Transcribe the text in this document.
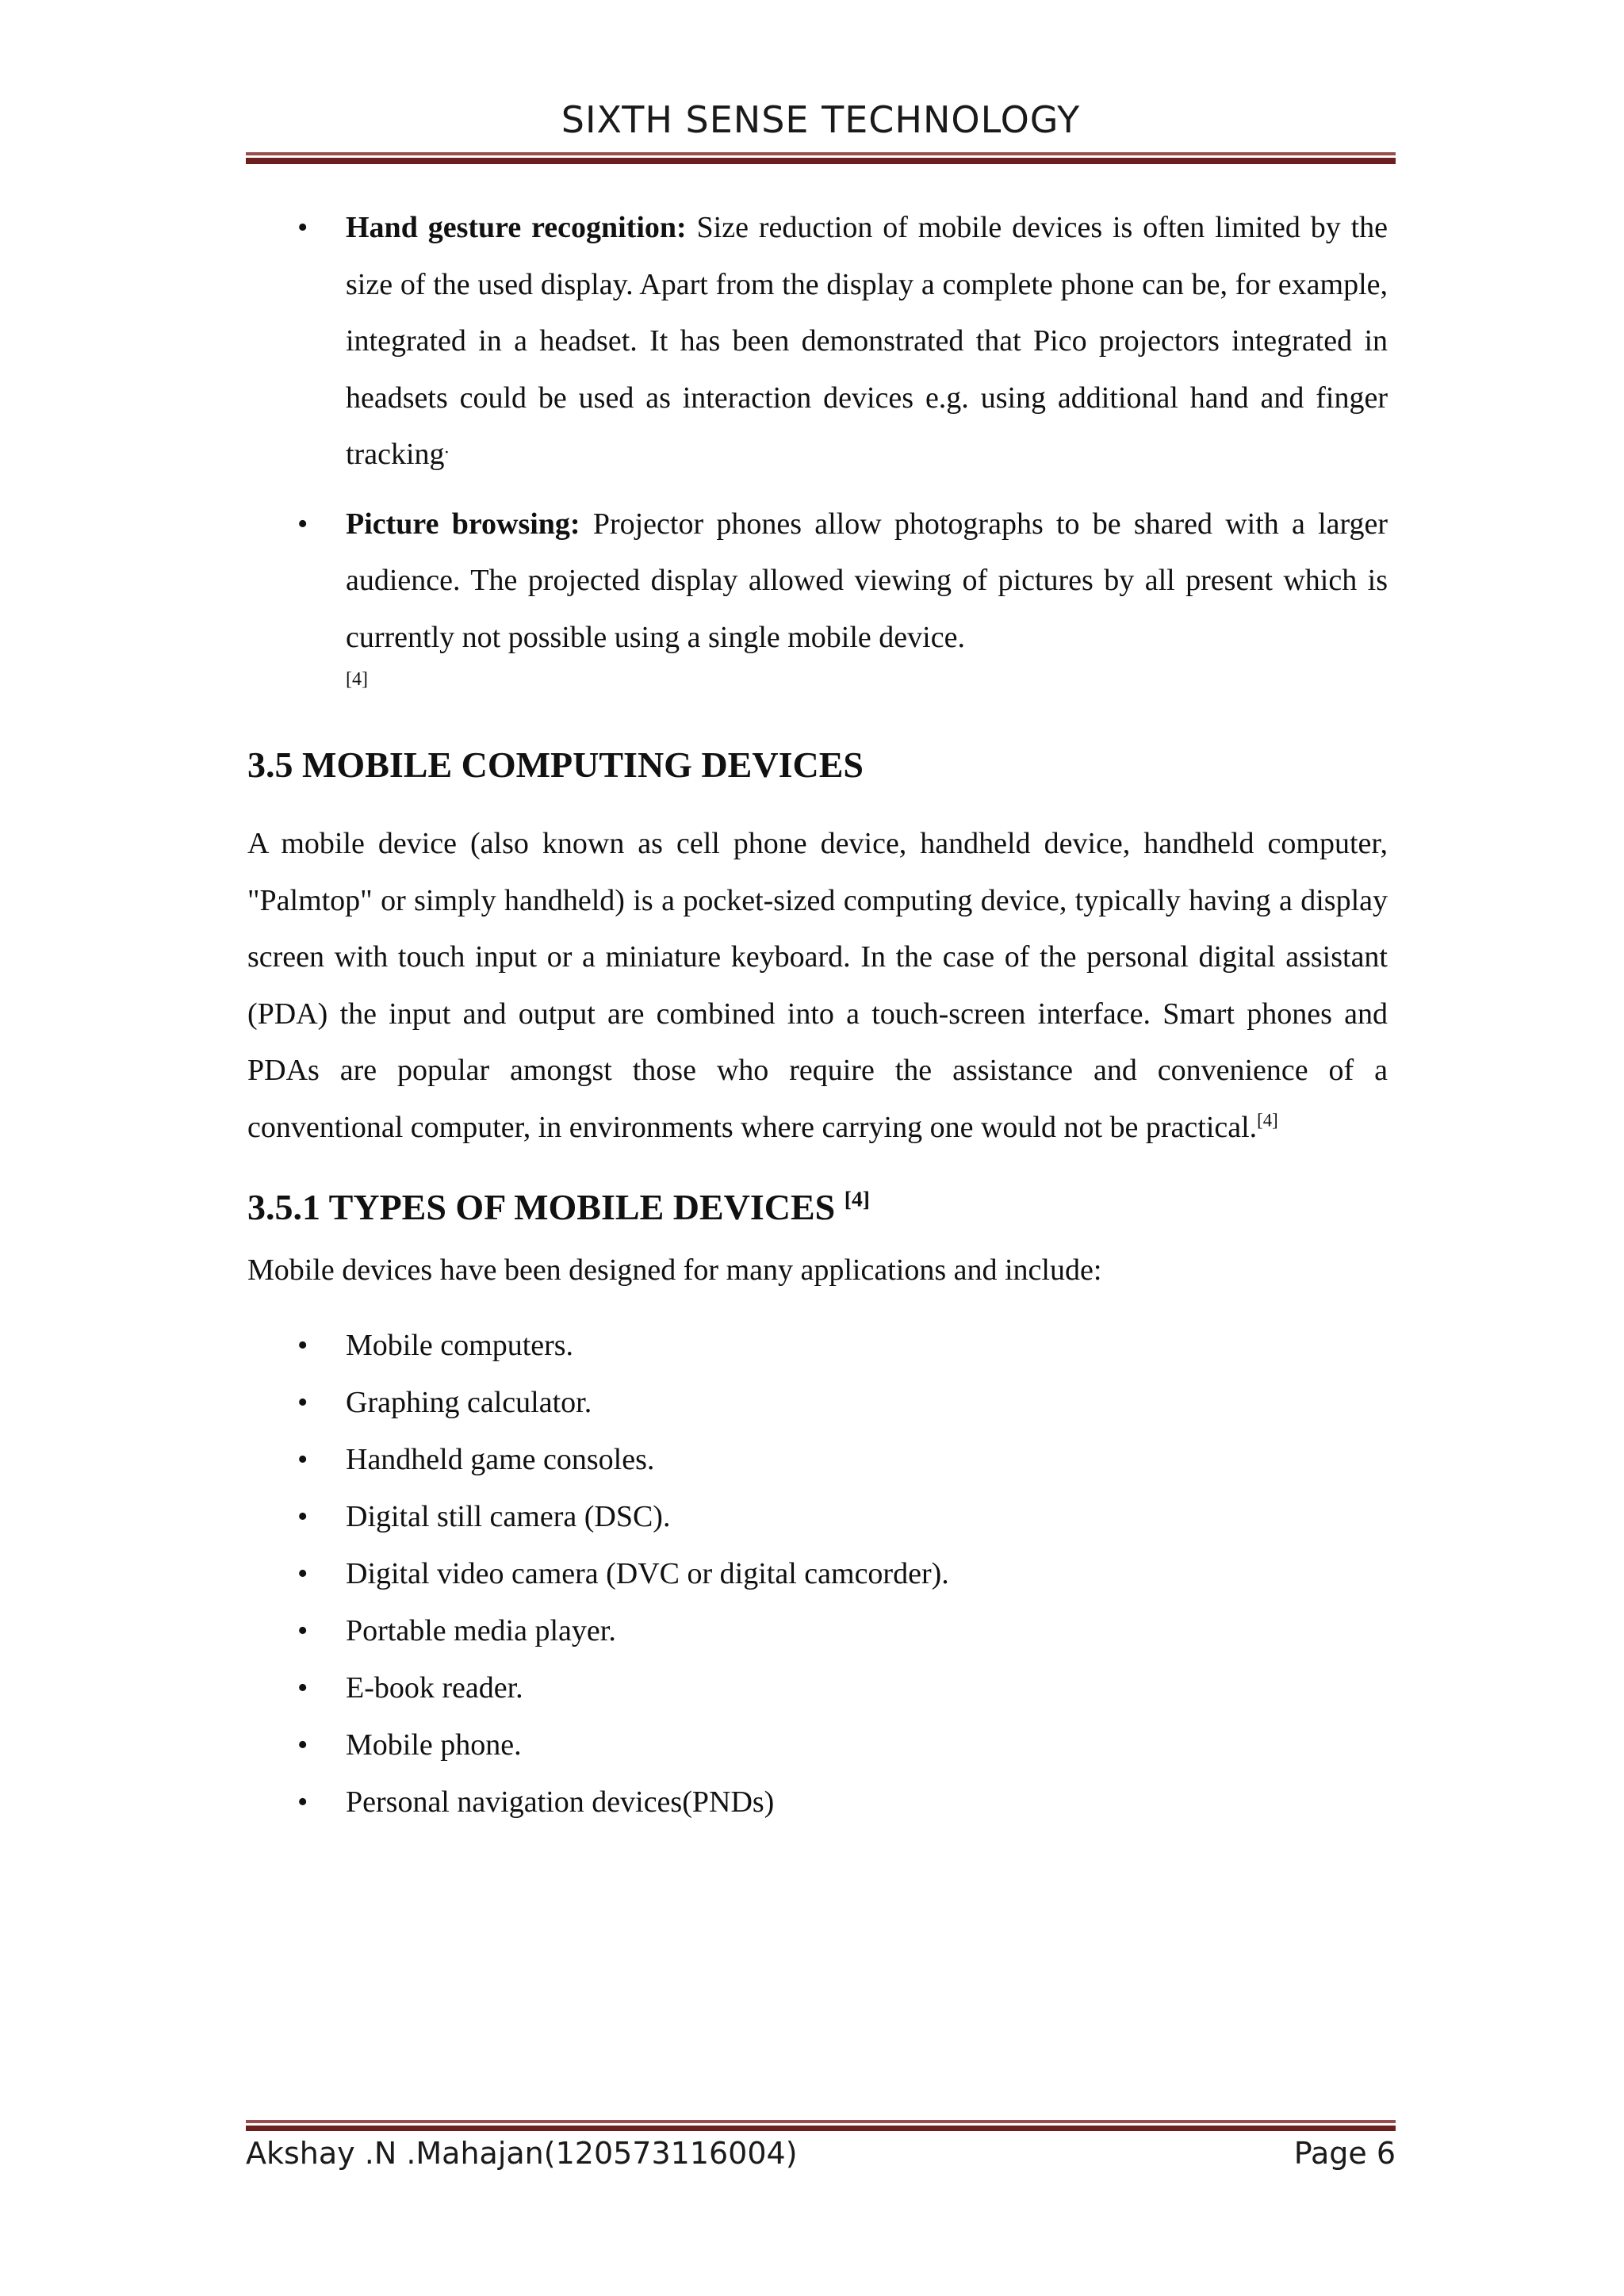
SIXTH SENSE TECHNOLOGY
• Hand gesture recognition: Size reduction of mobile devices is often limited by the size of the used display. Apart from the display a complete phone can be, for example, integrated in a headset. It has been demonstrated that Pico projectors integrated in headsets could be used as interaction devices e.g. using additional hand and finger tracking.
• Picture browsing: Projector phones allow photographs to be shared with a larger audience. The projected display allowed viewing of pictures by all present which is currently not possible using a single mobile device.
[4]
3.5 MOBILE COMPUTING DEVICES

A mobile device (also known as cell phone device, handheld device, handheld computer, "Palmtop" or simply handheld) is a pocket-sized computing device, typically having a display screen with touch input or a miniature keyboard. In the case of the personal digital assistant (PDA) the input and output are combined into a touch-screen interface. Smart phones and PDAs are popular amongst those who require the assistance and convenience of a conventional computer, in environments where carrying one would not be practical.[4]

3.5.1 TYPES OF MOBILE DEVICES [4]

Mobile devices have been designed for many applications and include:

• Mobile computers.
• Graphing calculator.
• Handheld game consoles.
• Digital still camera (DSC).
• Digital video camera (DVC or digital camcorder).
• Portable media player.
• E-book reader.
• Mobile phone.
• Personal navigation devices(PNDs)
Akshay .N .Mahajan(120573116004)	Page 6
